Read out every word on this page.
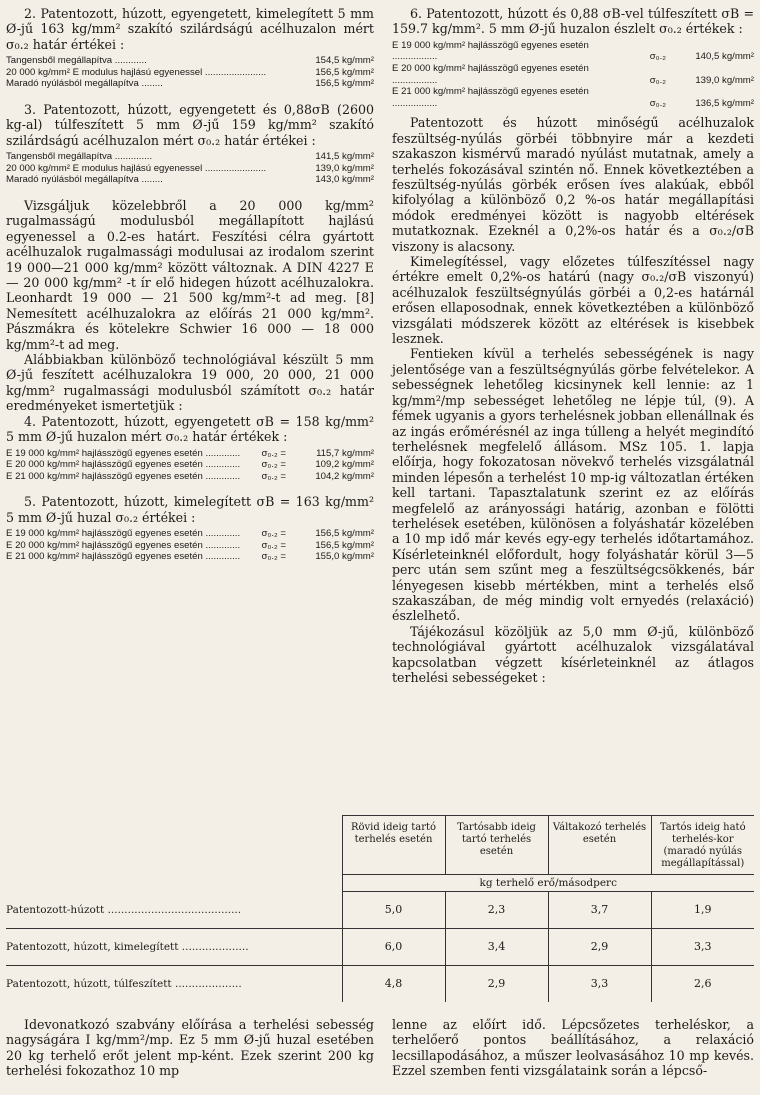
2. Patentozott, húzott, egyengetett, kimelegített 5 mm Ø-jű 163 kg/mm² szakító szilárdságú acélhuzalon mért σ₀.₂ határ értékei :

Tangensből megállapítva ............	154,5 kg/mm²
20 000 kg/mm² E modulus hajlású egyenessel .......................	156,5 kg/mm²
Maradó nyúlásból megállapítva ........	156,5 kg/mm²

3. Patentozott, húzott, egyengetett és 0,88σB (2600 kg-al) túlfeszített 5 mm Ø-jű 159 kg/mm² szakító szilárdságú acélhuzalon mért σ₀.₂ határ értékei :

Tangensből megállapítva ..............	141,5 kg/mm²
20 000 kg/mm² E modulus hajlású egyenessel .......................	139,0 kg/mm²
Maradó nyúlásból megállapítva ........	143,0 kg/mm²

Vizsgáljuk közelebbről a 20 000 kg/mm² rugalmasságú modulusból megállapított hajlású egyenessel a 0.2-es határt. Feszítési célra gyártott acélhuzalok rugalmassági modulusai az irodalom szerint 19 000—21 000 kg/mm² között változnak. A DIN 4227 E — 20 000 kg/mm² -t ír elő hidegen húzott acélhuzalokra. Leonhardt 19 000 — 21 500 kg/mm²-t ad meg. [8] Nemesített acélhuzalokra az előírás 21 000 kg/mm². Pászmákra és kötelekre Schwier 16 000 — 18 000 kg/mm²-t ad meg.

Alábbiakban különböző technológiával készült 5 mm Ø-jű feszített acélhuzalokra 19 000, 20 000, 21 000 kg/mm² rugalmassági modulusból számított σ₀.₂ határ eredményeket ismertetjük :

4. Patentozott, húzott, egyengetett σB = 158 kg/mm² 5 mm Ø-jű huzalon mért σ₀.₂ határ értékek :

E 19 000 kg/mm² hajlásszögű egyenes esetén .............	σ₀.₂ =	115,7 kg/mm²
E 20 000 kg/mm² hajlásszögű egyenes esetén .............	σ₀.₂ =	109,2 kg/mm²
E 21 000 kg/mm² hajlásszögű egyenes esetén .............	σ₀.₂ =	104,2 kg/mm²

5. Patentozott, húzott, kimelegített σB = 163 kg/mm² 5 mm Ø-jű huzal σ₀.₂ értékei :

E 19 000 kg/mm² hajlásszögű egyenes esetén .............	σ₀.₂ =	156,5 kg/mm²
E 20 000 kg/mm² hajlásszögű egyenes esetén .............	σ₀.₂ =	156,5 kg/mm²
E 21 000 kg/mm² hajlásszögű egyenes esetén .............	σ₀.₂ =	155,0 kg/mm²

6. Patentozott, húzott és 0,88 σB-vel túlfeszített σB = 159.7 kg/mm². 5 mm Ø-jű huzalon észlelt σ₀.₂ értékek :

E 19 000 kg/mm² hajlásszögű egyenes esetén .................	σ₀.₂	140,5 kg/mm²
E 20 000 kg/mm² hajlásszögű egyenes esetén .................	σ₀.₂	139,0 kg/mm²
E 21 000 kg/mm² hajlásszögű egyenes esetén .................	σ₀.₂	136,5 kg/mm²

Patentozott és húzott minőségű acélhuzalok feszültség-nyúlás görbéi többnyire már a kezdeti szakaszon kismérvű maradó nyúlást mutatnak, amely a terhelés fokozásával szintén nő. Ennek következtében a feszültség-nyúlás görbék erősen íves alakúak, ebből kifolyólag a különböző 0,2 %-os határ megállapítási módok eredményei között is nagyobb eltérések mutatkoznak. Ezeknél a 0,2%-os határ és a σ₀.₂/σB viszony is alacsony.

Kimelegítéssel, vagy előzetes túlfeszítéssel nagy értékre emelt 0,2%-os határú (nagy σ₀.₂/σB viszonyú) acélhuzalok feszültségnyúlás görbéi a 0,2-es határnál erősen ellaposodnak, ennek következtében a különböző vizsgálati módszerek között az eltérések is kisebbek lesznek.

Fentieken kívül a terhelés sebességének is nagy jelentősége van a feszültségnyúlás görbe felvételekor. A sebességnek lehetőleg kicsinynek kell lennie: az 1 kg/mm²/mp sebességet lehetőleg ne lépje túl, (9). A fémek ugyanis a gyors terhelésnek jobban ellenállnak és az ingás erőmérésnél az inga túlleng a helyét megindító terhelésnek megfelelő állásom. MSz 105. 1. lapja előírja, hogy fokozatosan növekvő terhelés vizsgálatnál minden lépesőn a terhelést 10 mp-ig változatlan értéken kell tartani. Tapasztalatunk szerint ez az előírás megfelelő az arányossági határig, azonban e fölötti terhelések esetében, különösen a folyáshatár közelében a 10 mp idő már kevés egy-egy terhelés időtartamához. Kísérleteinknél előfordult, hogy folyáshatár körül 3—5 perc után sem szűnt meg a feszültségcsökkenés, bár lényegesen kisebb mértékben, mint a terhelés első szakaszában, de még mindig volt ernyedés (relaxáció) észlelhető.

Tájékozásul közöljük az 5,0 mm Ø-jű, különböző technológiával gyártott acélhuzalok vizsgálatával kapcsolatban végzett kísérleteinknél az átlagos terhelési sebességeket :

	Rövid ideig tartó terhelés esetén	Tartósabb ideig tartó terhelés esetén	Váltakozó terhelés esetén	Tartós ideig ható terhelés-kor (maradó nyúlás megállapítással)
	kg terhelő erő/másodperc			
Patentozott-húzott ........................................	5,0	2,3	3,7	1,9
Patentozott, húzott, kimelegített ....................	6,0	3,4	2,9	3,3
Patentozott, húzott, túlfeszített ....................	4,8	2,9	3,3	2,6

Idevonatkozó szabvány előírása a terhelési sebesség nagyságára I kg/mm²/mp. Ez 5 mm Ø-jű huzal esetében 20 kg terhelő erőt jelent mp-ként. Ezek szerint 200 kg terhelési fokozathoz 10 mp

lenne az előírt idő. Lépcsőzetes terheléskor, a terhelőerő pontos beállításához, a relaxáció lecsillapodásához, a műszer leolvasásához 10 mp kevés. Ezzel szemben fenti vizsgálataink során a lépcső-
